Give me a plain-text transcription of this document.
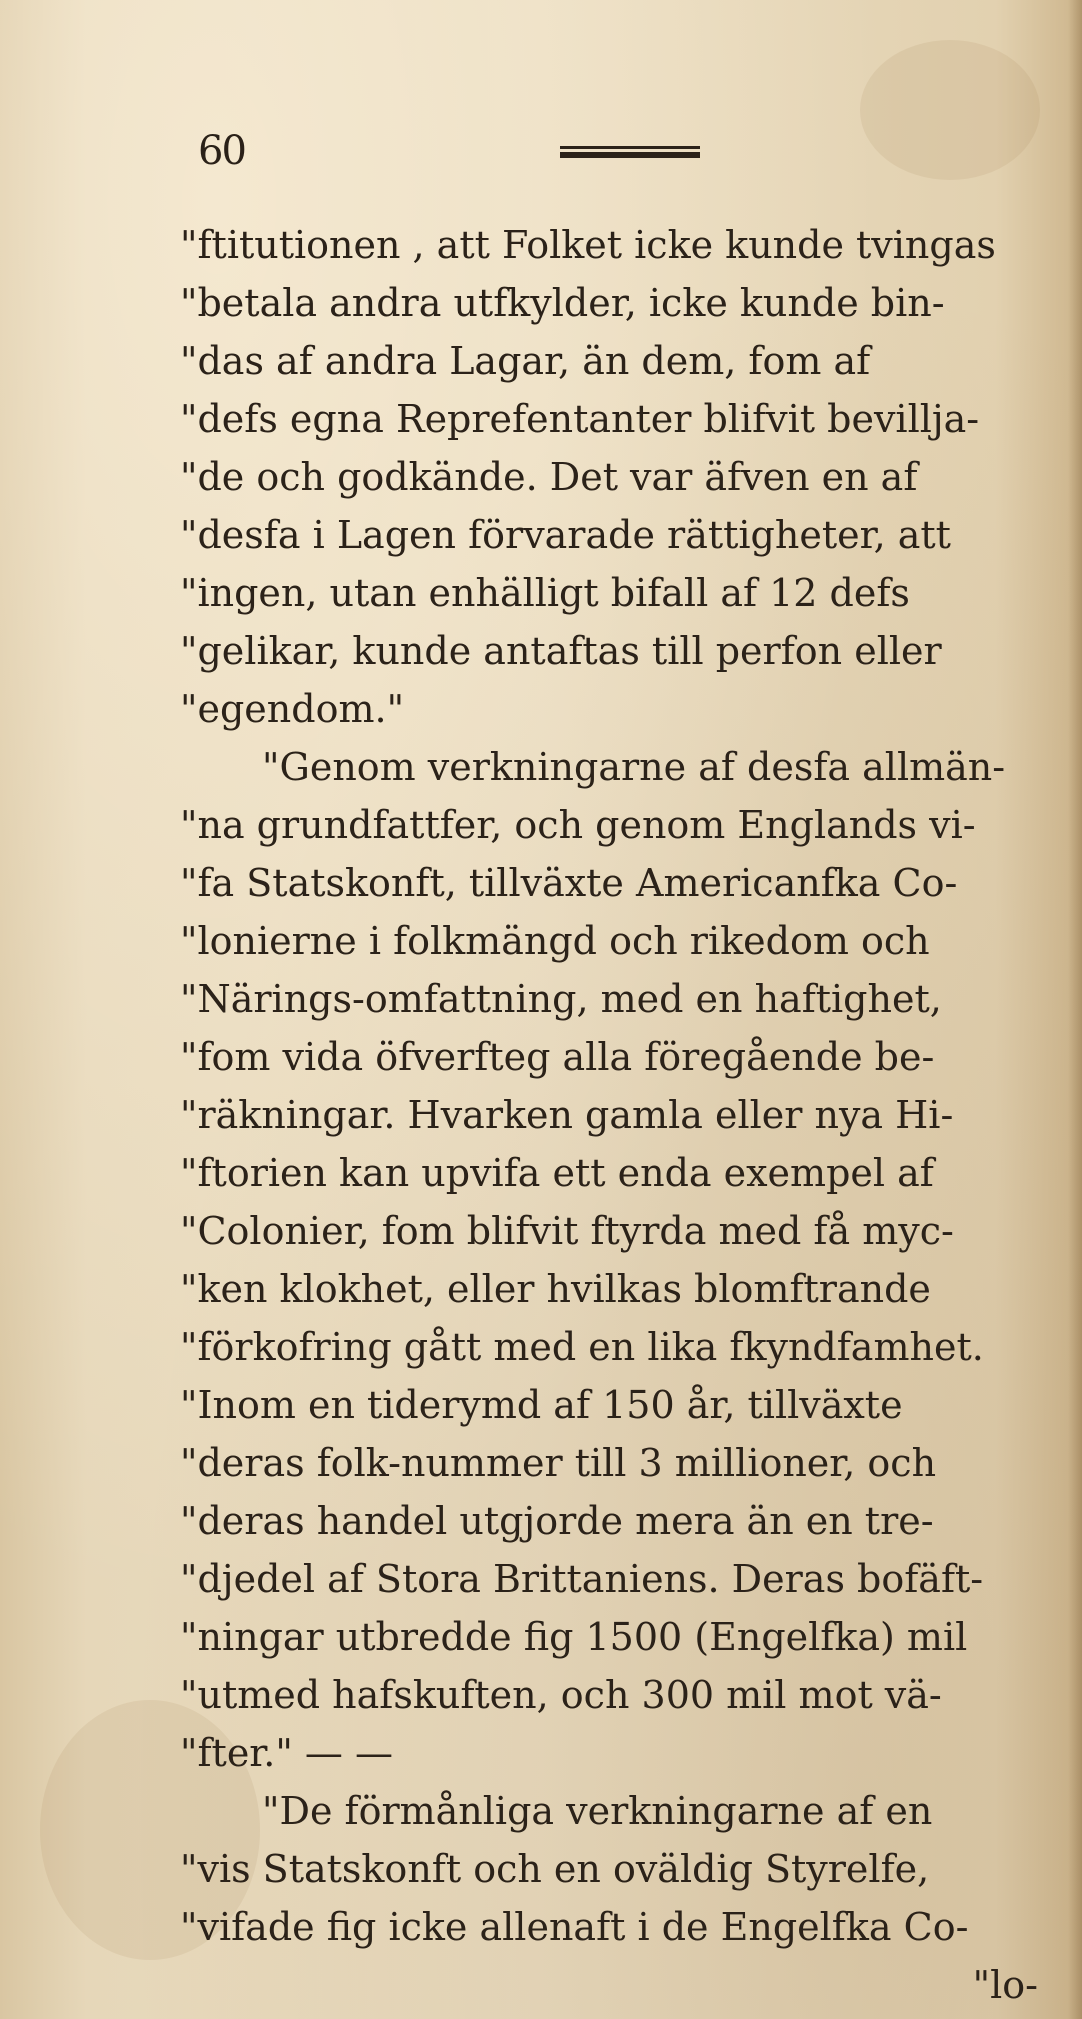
60
"ftitutionen , att Folket icke kunde tvingas
"betala andra utfkylder, icke kunde bin-
"das af andra Lagar, än dem, fom af
"defs egna Reprefentanter blifvit bevillja-
"de och godkände. Det var äfven en af
"desfa i Lagen förvarade rättigheter, att
"ingen, utan enhälligt bifall af 12 defs
"gelikar, kunde antaftas till perfon eller
"egendom."
"Genom verkningarne af desfa allmän-
"na grundfattfer, och genom Englands vi-
"fa Statskonft, tillväxte Americanfka Co-
"lonierne i folkmängd och rikedom och
"Närings-omfattning, med en haftighet,
"fom vida öfverfteg alla föregående be-
"räkningar. Hvarken gamla eller nya Hi-
"ftorien kan upvifa ett enda exempel af
"Colonier, fom blifvit ftyrda med få myc-
"ken klokhet, eller hvilkas blomftrande
"förkofring gått med en lika fkyndfamhet.
"Inom en tiderymd af 150 år, tillväxte
"deras folk-nummer till 3 millioner, och
"deras handel utgjorde mera än en tre-
"djedel af Stora Brittaniens. Deras bofäft-
"ningar utbredde fig 1500 (Engelfka) mil
"utmed hafskuften, och 300 mil mot vä-
"fter." — —
"De förmånliga verkningarne af en
"vis Statskonft och en oväldig Styrelfe,
"vifade fig icke allenaft i de Engelfka Co-
"lo-
